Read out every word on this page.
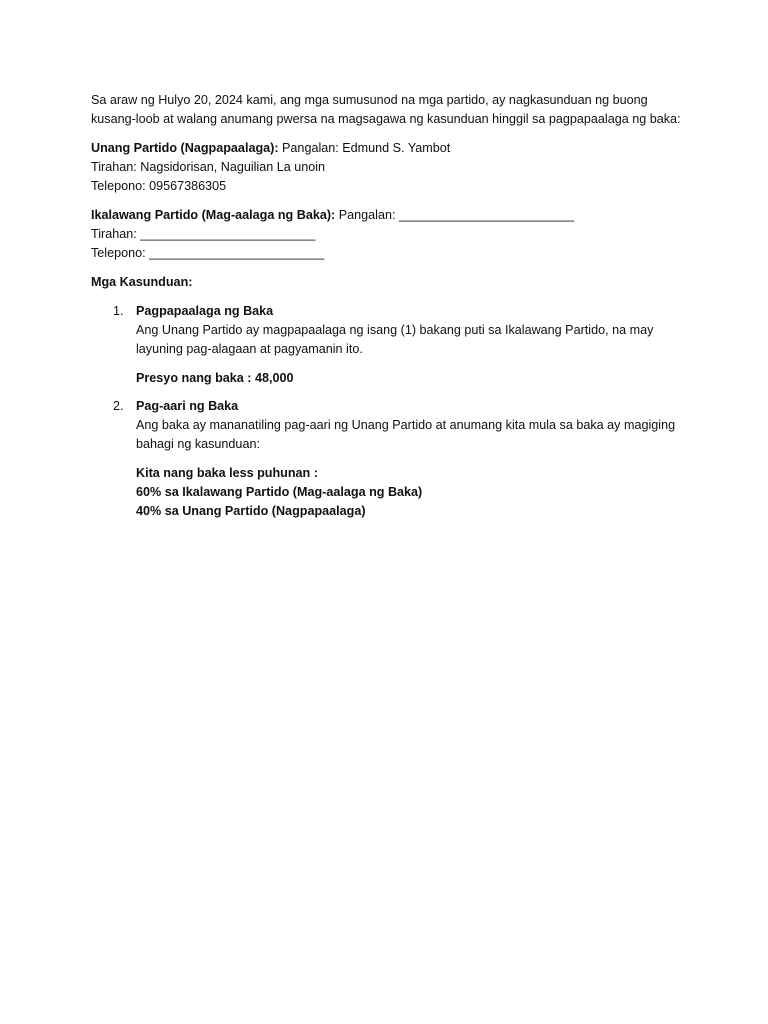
Sa araw ng Hulyo 20, 2024 kami, ang mga sumusunod na mga partido, ay nagkasunduan ng buong kusang-loob at walang anumang pwersa na magsagawa ng kasunduan hinggil sa pagpapaalaga ng baka:

Unang Partido (Nagpapaalaga): Pangalan: Edmund S. Yambot
Tirahan: Nagsidorisan, Naguilian La unoin
Telepono: 09567386305
Ikalawang Partido (Mag-aalaga ng Baka): Pangalan: _________________________
Tirahan: _________________________
Telepono: _________________________

Mga Kasunduan:

1. Pagpapaalaga ng Baka
Ang Unang Partido ay magpapaalaga ng isang (1) bakang puti sa Ikalawang Partido, na may layuning pag-alagaan at pagyamanin ito.
Presyo nang baka : 48,000
2. Pag-aari ng Baka
Ang baka ay mananatiling pag-aari ng Unang Partido at anumang kita mula sa baka ay magiging bahagi ng kasunduan:
Kita nang baka less puhunan :
60% sa Ikalawang Partido (Mag-aalaga ng Baka)
40% sa Unang Partido (Nagpapaalaga)
